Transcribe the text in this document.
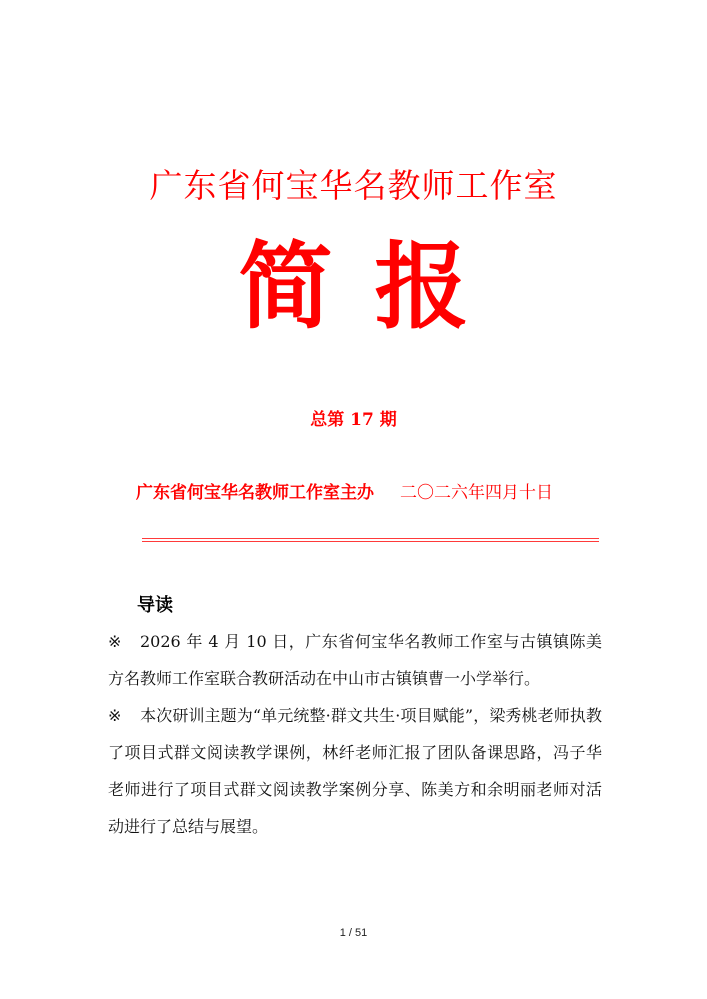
广东省何宝华名教师工作室
简 报
总第 17 期
广东省何宝华名教师工作室主办 二〇二六年四月十日
导读
※ 2026 年 4 月 10 日，广东省何宝华名教师工作室与古镇镇陈美方名教师工作室联合教研活动在中山市古镇镇曹一小学举行。
※ 本次研训主题为“单元统整·群文共生·项目赋能”，梁秀桃老师执教了项目式群文阅读教学课例，林纤老师汇报了团队备课思路，冯子华老师进行了项目式群文阅读教学案例分享、陈美方和余明丽老师对活动进行了总结与展望。
1 / 51
